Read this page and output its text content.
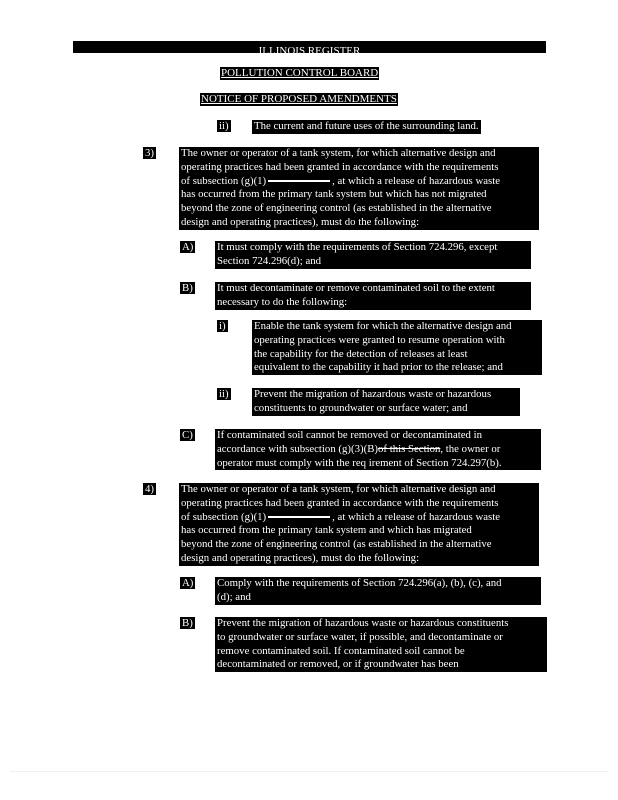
ILLINOIS REGISTER
POLLUTION CONTROL BOARD
NOTICE OF PROPOSED AMENDMENTS
ii) The current and future uses of the surrounding land.
3)	The owner or operator of a tank system, for which alternative design and
operating practices had been granted in accordance with the requirements
of subsection (g)(1)	, at which a release of hazardous waste
has occurred from the primary tank system but which has not migrated
beyond the zone of engineering control (as established in the alternative
design and operating practices), must do the following:
A) It must comply with the requirements of Section 724.296, except
Section 724.296(d); and
B) It must decontaminate or remove contaminated soil to the extent
necessary to do the following:
i)	Enable the tank system for which the alternative design and
operating practices were granted to resume operation with
the capability for the detection of releases at least
equivalent to the capability it had prior to the release; and
ii) Prevent the migration of hazardous waste or hazardous
constituents to groundwater or surface water; and
C) If contaminated soil cannot be removed or decontaminated in
accordance with subsection (g)(3)(B)of this Section, the owner or
operator must comply with the req irement of Section 724.297(b).
4)	The owner or operator of a tank system, for which alternative design and
operating practices had been granted in accordance with the requirements
of subsection (g)(1)	, at which a release of hazardous waste
has occurred from the primary tank system and which has migrated
beyond the zone of engineering control (as established in the alternative
design and operating practices), must do the following:
A) Comply with the requirements of Section 724.296(a), (b), (c), and
(d); and
B) Prevent the migration of hazardous waste or hazardous constituents
to groundwater or surface water, if possible, and decontaminate or
remove contaminated soil. If contaminated soil cannot be
decontaminated or removed, or if groundwater has been
